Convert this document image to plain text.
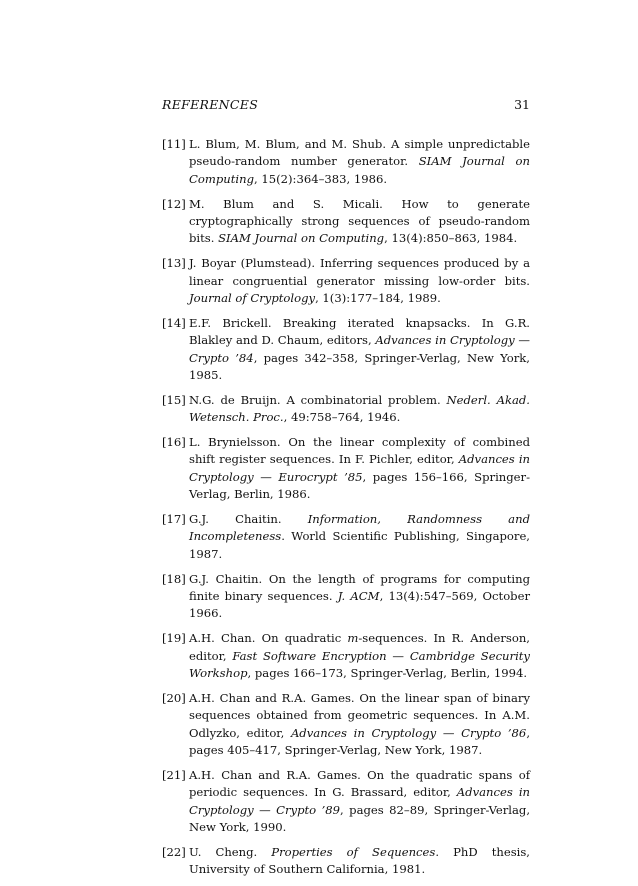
REFERENCES	31
[11] L. Blum, M. Blum, and M. Shub. A simple unpredictable pseudo-random number generator. SIAM Journal on Computing, 15(2):364–383, 1986.
[12] M. Blum and S. Micali. How to generate cryptographically strong sequences of pseudo-random bits. SIAM Journal on Computing, 13(4):850–863, 1984.
[13] J. Boyar (Plumstead). Inferring sequences produced by a linear congruential generator missing low-order bits. Journal of Cryptology, 1(3):177–184, 1989.
[14] E.F. Brickell. Breaking iterated knapsacks. In G.R. Blakley and D. Chaum, editors, Advances in Cryptology — Crypto ’84, pages 342–358, Springer-Verlag, New York, 1985.
[15] N.G. de Bruijn. A combinatorial problem. Nederl. Akad. Wetensch. Proc., 49:758–764, 1946.
[16] L. Brynielsson. On the linear complexity of combined shift register sequences. In F. Pichler, editor, Advances in Cryptology — Eurocrypt ’85, pages 156–166, Springer-Verlag, Berlin, 1986.
[17] G.J. Chaitin. Information, Randomness and Incompleteness. World Scientific Publishing, Singapore, 1987.
[18] G.J. Chaitin. On the length of programs for computing finite binary sequences. J. ACM, 13(4):547–569, October 1966.
[19] A.H. Chan. On quadratic m-sequences. In R. Anderson, editor, Fast Software Encryption — Cambridge Security Workshop, pages 166–173, Springer-Verlag, Berlin, 1994.
[20] A.H. Chan and R.A. Games. On the linear span of binary sequences obtained from geometric sequences. In A.M. Odlyzko, editor, Advances in Cryptology — Crypto ’86, pages 405–417, Springer-Verlag, New York, 1987.
[21] A.H. Chan and R.A. Games. On the quadratic spans of periodic sequences. In G. Brassard, editor, Advances in Cryptology — Crypto ’89, pages 82–89, Springer-Verlag, New York, 1990.
[22] U. Cheng. Properties of Sequences. PhD thesis, University of Southern California, 1981.
